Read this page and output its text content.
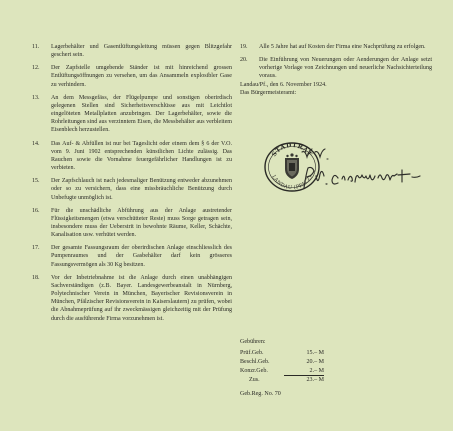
11.	Lagerbehälter und Gasentlüftungsleitung müssen gegen Blitzgefahr geschert sein.
12.	Der Zapfstelle umgebende Ständer ist mit hinreichend grossen Entlüftungsöffnungen zu versehen, um das Ansammeln explosibler Gase zu verhindern.
13.	An dem Messgefäss, der Flügelpumpe und sonstigen oberirdisch gelegenen Stellen sind Sicherheitsverschlüsse aus mit Leichtlot eingelöteten Metallplatten anzubringen. Der Lagerbehälter, sowie die Rohrleitungen sind aus verzinntem Eisen, die Messbehälter aus verbleitem Eisenblech herzustellen.
14.	Das Auf- & Abfüllen ist nur bei Tageslicht oder einem dem § 6 der V.O. vom 9. Juni 1902 entsprechenden künstlichen Lichte zulässig. Das Rauchen sowie die Vornahme feuergefährlicher Handlungen ist zu verbieten.
15.	Der Zapfschlauch ist nach jedesmaliger Benützung entweder abzunehmen oder so zu versichern, dass eine missbräuchliche Benützung durch Unbefugte unmöglich ist.
16.	Für die unschädliche Abführung aus der Anlage austretender Flüssigkeitsmengen (etwa verschütteter Reste) muss Sorge getragen sein, insbesondere muss der Ueberstrit in bewohnte Räume, Keller, Schächte, Kanalisation usw. verhütet werden.
17.	Der gesamte Fassungsraum der oberirdischen Anlage einschliesslich des Pumpenraumes und der Gasbehälter darf kein grösseres Fassungsvermögen als 30 Kg besitzen.
18.	Vor der Inbetriebnahme ist die Anlage durch einen unabhängigen Sachverständigen (z.B. Bayer. Landesgewerbeanstalt in Nürnberg, Polytechnischer Verein in München, Bayerischer Revisionsverein in München, Pfälzischer Revisionsverein in Kaiserslautern) zu prüfen, wobei die Abnahmeprüfung auf ihr zweckmässigen gleichzeitig mit der Prüfung durch die ausführende Firma vorzunehmen ist.
19.	Alle 5 Jahre hat auf Kosten der Firma eine Nachprüfung zu erfolgen.
20.	Die Einführung von Neuerungen oder Aenderungen der Anlage setzt vorherige Vorlage von Zeichnungen und neuerliche Nachsichterteilung voraus.

Landau/Pf., den 6. November 1924.

Das Bürgermeisteramt:

STADTRAT
LANDAU (PFALZ)
Gebühren:
Prüf.Geb.	15.– M
Beschl.Geb.	20.– M
Konzr.Geb.	2.– M
Zus.	23.– M
Geb.Reg. No. 70
